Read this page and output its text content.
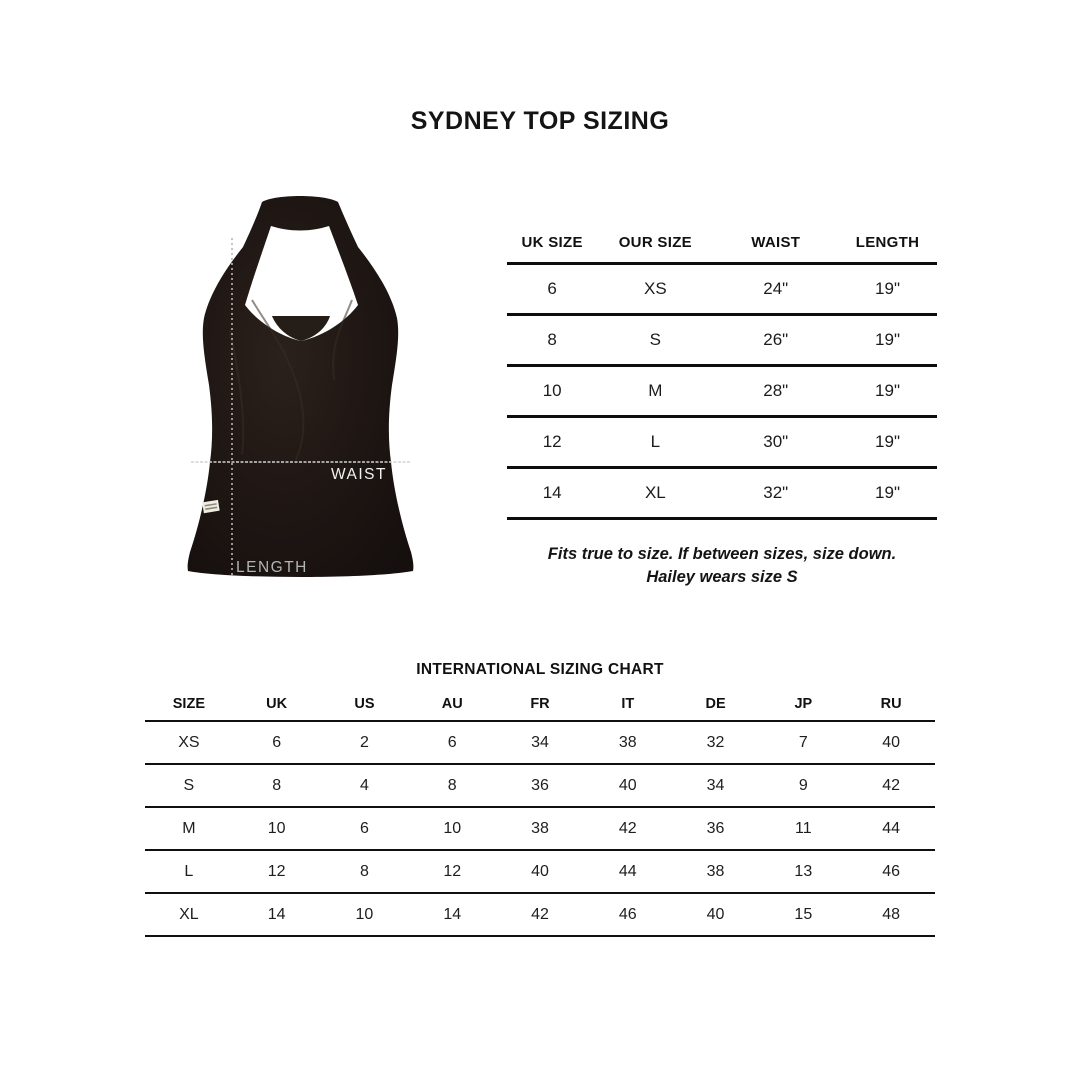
SYDNEY TOP SIZING
WAIST
LENGTH
UK SIZE	OUR SIZE	WAIST	LENGTH
6	XS	24"	19"
8	S	26"	19"
10	M	28"	19"
12	L	30"	19"
14	XL	32"	19"
Fits true to size. If between sizes, size down.
Hailey wears size S
INTERNATIONAL SIZING CHART
SIZE	UK	US	AU	FR	IT	DE	JP	RU
XS	6	2	6	34	38	32	7	40
S	8	4	8	36	40	34	9	42
M	10	6	10	38	42	36	11	44
L	12	8	12	40	44	38	13	46
XL	14	10	14	42	46	40	15	48
